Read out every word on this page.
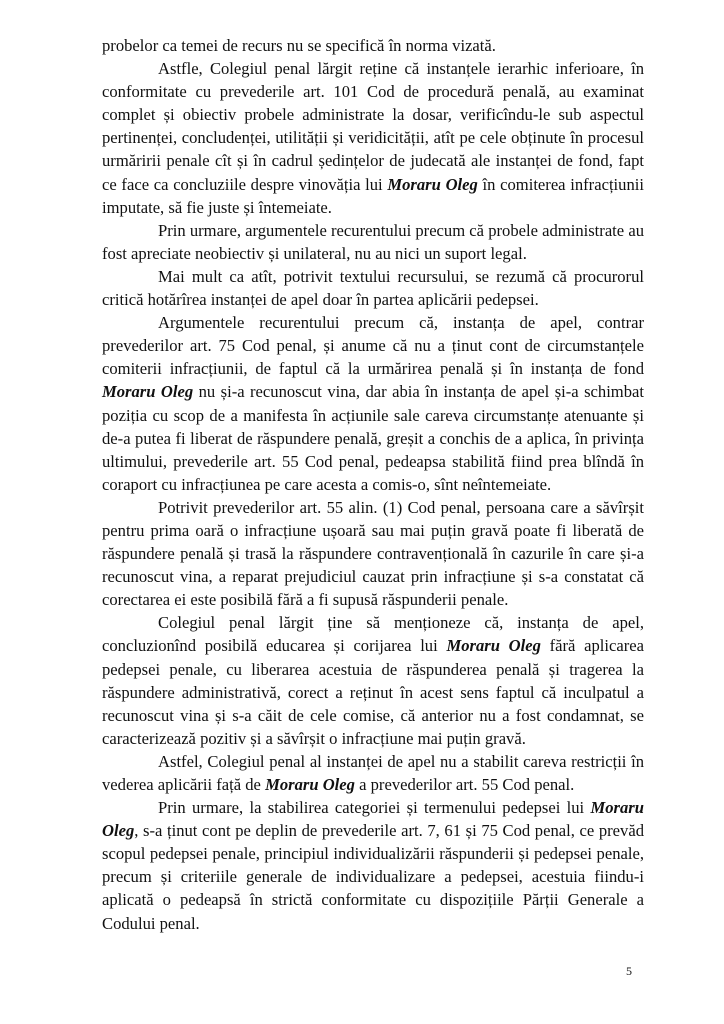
probelor ca temei de recurs nu se specifică în norma vizată.

Astfle, Colegiul penal lărgit reține că instanțele ierarhic inferioare, în conformitate cu prevederile art. 101 Cod de procedură penală, au examinat complet și obiectiv probele administrate la dosar, verificîndu-le sub aspectul pertinenței, concludenței, utilității și veridicității, atît pe cele obținute în procesul urmăririi penale cît și în cadrul ședințelor de judecată ale instanței de fond, fapt ce face ca concluziile despre vinovăția lui Moraru Oleg în comiterea infracțiunii imputate, să fie juste și întemeiate.

Prin urmare, argumentele recurentului precum că probele administrate au fost apreciate neobiectiv și unilateral, nu au nici un suport legal.

Mai mult ca atît, potrivit textului recursului, se rezumă că procurorul critică hotărîrea instanței de apel doar în partea aplicării pedepsei.

Argumentele recurentului precum că, instanța de apel, contrar prevederilor art. 75 Cod penal, și anume că nu a ținut cont de circumstanțele comiterii infracțiunii, de faptul că la urmărirea penală și în instanța de fond Moraru Oleg nu și-a recunoscut vina, dar abia în instanța de apel și-a schimbat poziția cu scop de a manifesta în acțiunile sale careva circumstanțe atenuante și de-a putea fi liberat de răspundere penală, greșit a conchis de a aplica, în privința ultimului, prevederile art. 55 Cod penal, pedeapsa stabilită fiind prea blîndă în coraport cu infracțiunea pe care acesta a comis-o, sînt neîntemeiate.

Potrivit prevederilor art. 55 alin. (1) Cod penal, persoana care a săvîrșit pentru prima oară o infracțiune ușoară sau mai puțin gravă poate fi liberată de răspundere penală și trasă la răspundere contravențională în cazurile în care și-a recunoscut vina, a reparat prejudiciul cauzat prin infracțiune și s-a constatat că corectarea ei este posibilă fără a fi supusă răspunderii penale.

Colegiul penal lărgit ține să menționeze că, instanța de apel, concluzionînd posibilă educarea și corijarea lui Moraru Oleg fără aplicarea pedepsei penale, cu liberarea acestuia de răspunderea penală și tragerea la răspundere administrativă, corect a reținut în acest sens faptul că inculpatul a recunoscut vina și s-a căit de cele comise, că anterior nu a fost condamnat, se caracterizează pozitiv și a săvîrșit o infracțiune mai puțin gravă.

Astfel, Colegiul penal al instanței de apel nu a stabilit careva restricții în vederea aplicării față de Moraru Oleg a prevederilor art. 55 Cod penal.

Prin urmare, la stabilirea categoriei și termenului pedepsei lui Moraru Oleg, s-a ținut cont pe deplin de prevederile art. 7, 61 și 75 Cod penal, ce prevăd scopul pedepsei penale, principiul individualizării răspunderii și pedepsei penale, precum și criteriile generale de individualizare a pedepsei, acestuia fiindu-i aplicată o pedeapsă în strictă conformitate cu dispozițiile Părții Generale a Codului penal.

5
